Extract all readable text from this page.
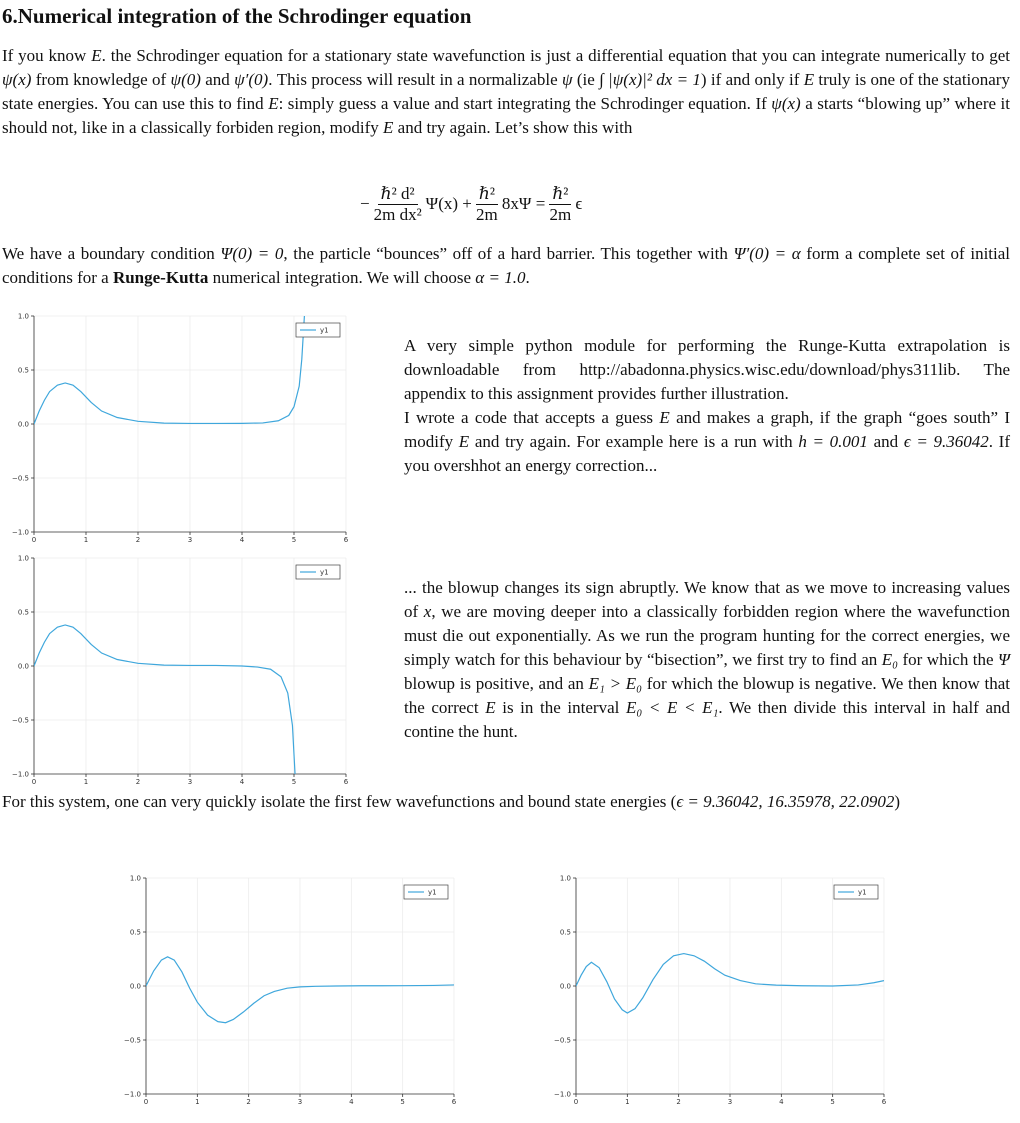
6.Numerical integration of the Schrodinger equation

If you know E. the Schrodinger equation for a stationary state wavefunction is just a differential equation that you can integrate numerically to get ψ(x) from knowledge of ψ(0) and ψ′(0). This process will result in a normalizable ψ (ie ∫ |ψ(x)|² dx = 1) if and only if E truly is one of the stationary state energies. You can use this to find E: simply guess a value and start integrating the Schrodinger equation. If ψ(x) a starts “blowing up” where it should not, like in a classically forbiden region, modify E and try again. Let’s show this with

− $\frac{\text{ℏ² d²}}{\text{2m dx²}} \Psi(x) + \frac{\text{ℏ²}}{2m} 8x\Psi = \frac{\text{ℏ²}}{2m}$ ϵ

We have a boundary condition Ψ(0) = 0, the particle “bounces” off of a hard barrier. This together with Ψ′(0) = α form a complete set of initial conditions for a Runge-Kutta numerical integration. We will choose α = 1.0.

0	1	2	3	4	5	6
1.0
0.5
0.0
−0.5
−1.0
y1
0	1	2	3	4	5	6
1.0
0.5
0.0
−0.5
−1.0
y1
A very simple python module for performing the Runge-Kutta extrapolation is downloadable from http://abadonna.physics.wisc.edu/download/phys311lib. The appendix to this assignment provides further illustration.
I wrote a code that accepts a guess E and makes a graph, if the graph “goes south” I modify E and try again. For example here is a run with h = 0.001 and ϵ = 9.36042. If you overshhot an energy correction...
... the blowup changes its sign abruptly. We know that as we move to increasing values of x, we are moving deeper into a classically forbidden region where the wavefunction must die out exponentially. As we run the program hunting for the correct energies, we simply watch for this behaviour by “bisection”, we first try to find an E₀ for which the Ψ blowup is positive, and an E₁ > E₀ for which the blowup is negative. We then know that the correct E is in the interval E₀ < E < E₁. We then divide this interval in half and contine the hunt.

For this system, one can very quickly isolate the first few wavefunctions and bound state energies (ϵ = 9.36042, 16.35978, 22.0902)

0	1	2	3	4	5	6
1.0
0.5
0.0
−0.5
−1.0
y1
0	1	2	3	4	5	6
1.0
0.5
0.0
−0.5
−1.0
y1
